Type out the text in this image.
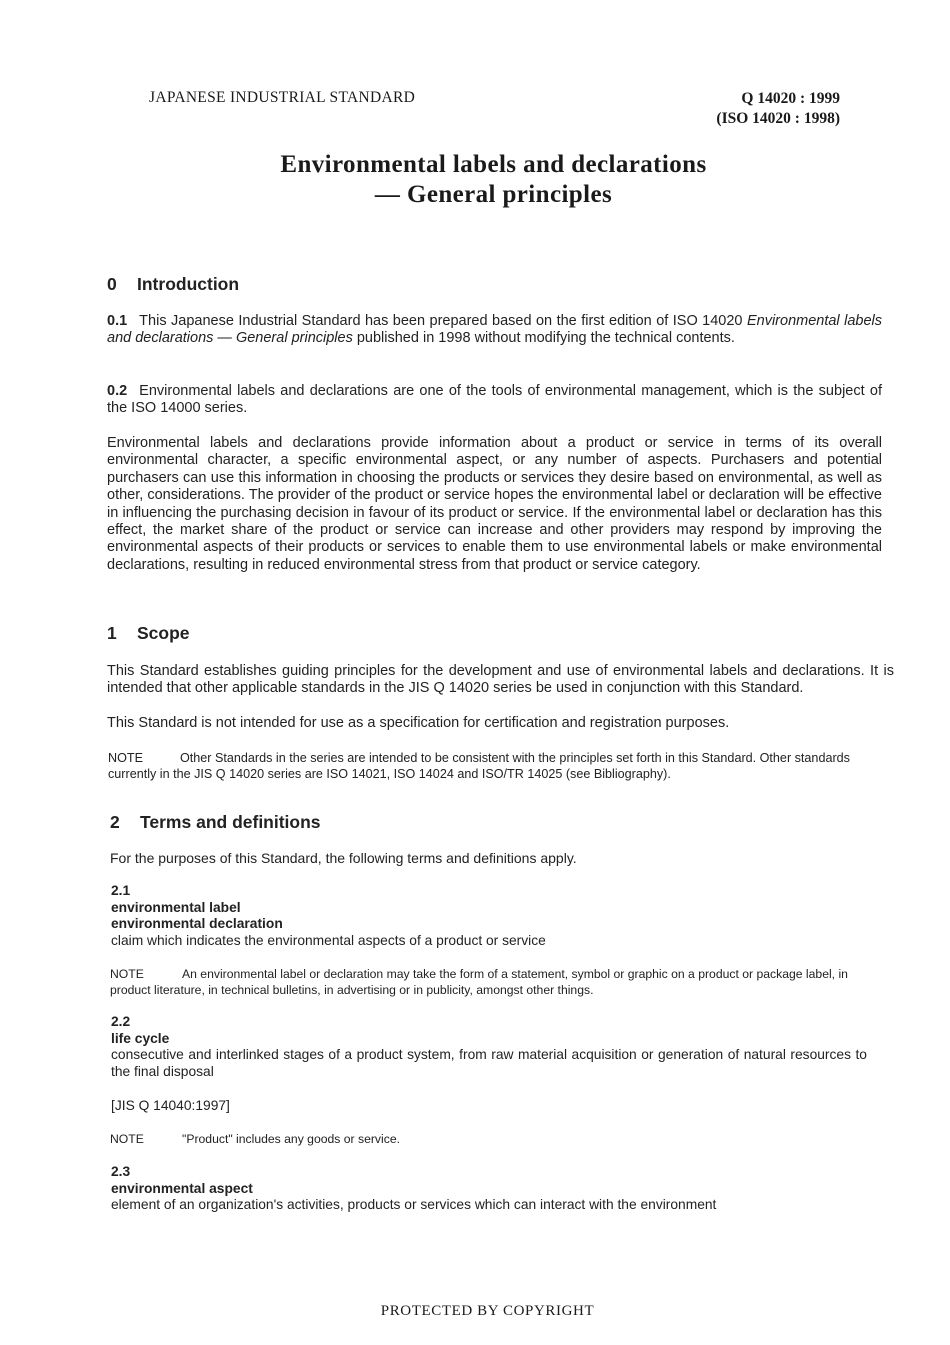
JAPANESE INDUSTRIAL STANDARD	Q 14020 : 1999
(ISO 14020 : 1998)
Environmental labels and declarations
— General principles
0 Introduction
0.1 This Japanese Industrial Standard has been prepared based on the first edition of ISO 14020 Environmental labels and declarations — General principles published in 1998 without modifying the technical contents.
0.2 Environmental labels and declarations are one of the tools of environmental management, which is the subject of the ISO 14000 series.
Environmental labels and declarations provide information about a product or service in terms of its overall environmental character, a specific environmental aspect, or any number of aspects. Purchasers and potential purchasers can use this information in choosing the products or services they desire based on environmental, as well as other, considerations. The provider of the product or service hopes the environmental label or declaration will be effective in influencing the purchasing decision in favour of its product or service. If the environmental label or declaration has this effect, the market share of the product or service can increase and other providers may respond by improving the environmental aspects of their products or services to enable them to use environmental labels or make environmental declarations, resulting in reduced environmental stress from that product or service category.
1 Scope
This Standard establishes guiding principles for the development and use of environmental labels and declarations. It is intended that other applicable standards in the JIS Q 14020 series be used in conjunction with this Standard.
This Standard is not intended for use as a specification for certification and registration purposes.
NOTE	Other Standards in the series are intended to be consistent with the principles set forth in this Standard. Other standards currently in the JIS Q 14020 series are ISO 14021, ISO 14024 and ISO/TR 14025 (see Bibliography).
2 Terms and definitions
For the purposes of this Standard, the following terms and definitions apply.
2.1
environmental label
environmental declaration
claim which indicates the environmental aspects of a product or service
NOTE	An environmental label or declaration may take the form of a statement, symbol or graphic on a product or package label, in product literature, in technical bulletins, in advertising or in publicity, amongst other things.
2.2
life cycle
consecutive and interlinked stages of a product system, from raw material acquisition or generation of natural resources to the final disposal
[JIS Q 14040:1997]
NOTE	"Product" includes any goods or service.
2.3
environmental aspect
element of an organization's activities, products or services which can interact with the environment
PROTECTED BY COPYRIGHT
